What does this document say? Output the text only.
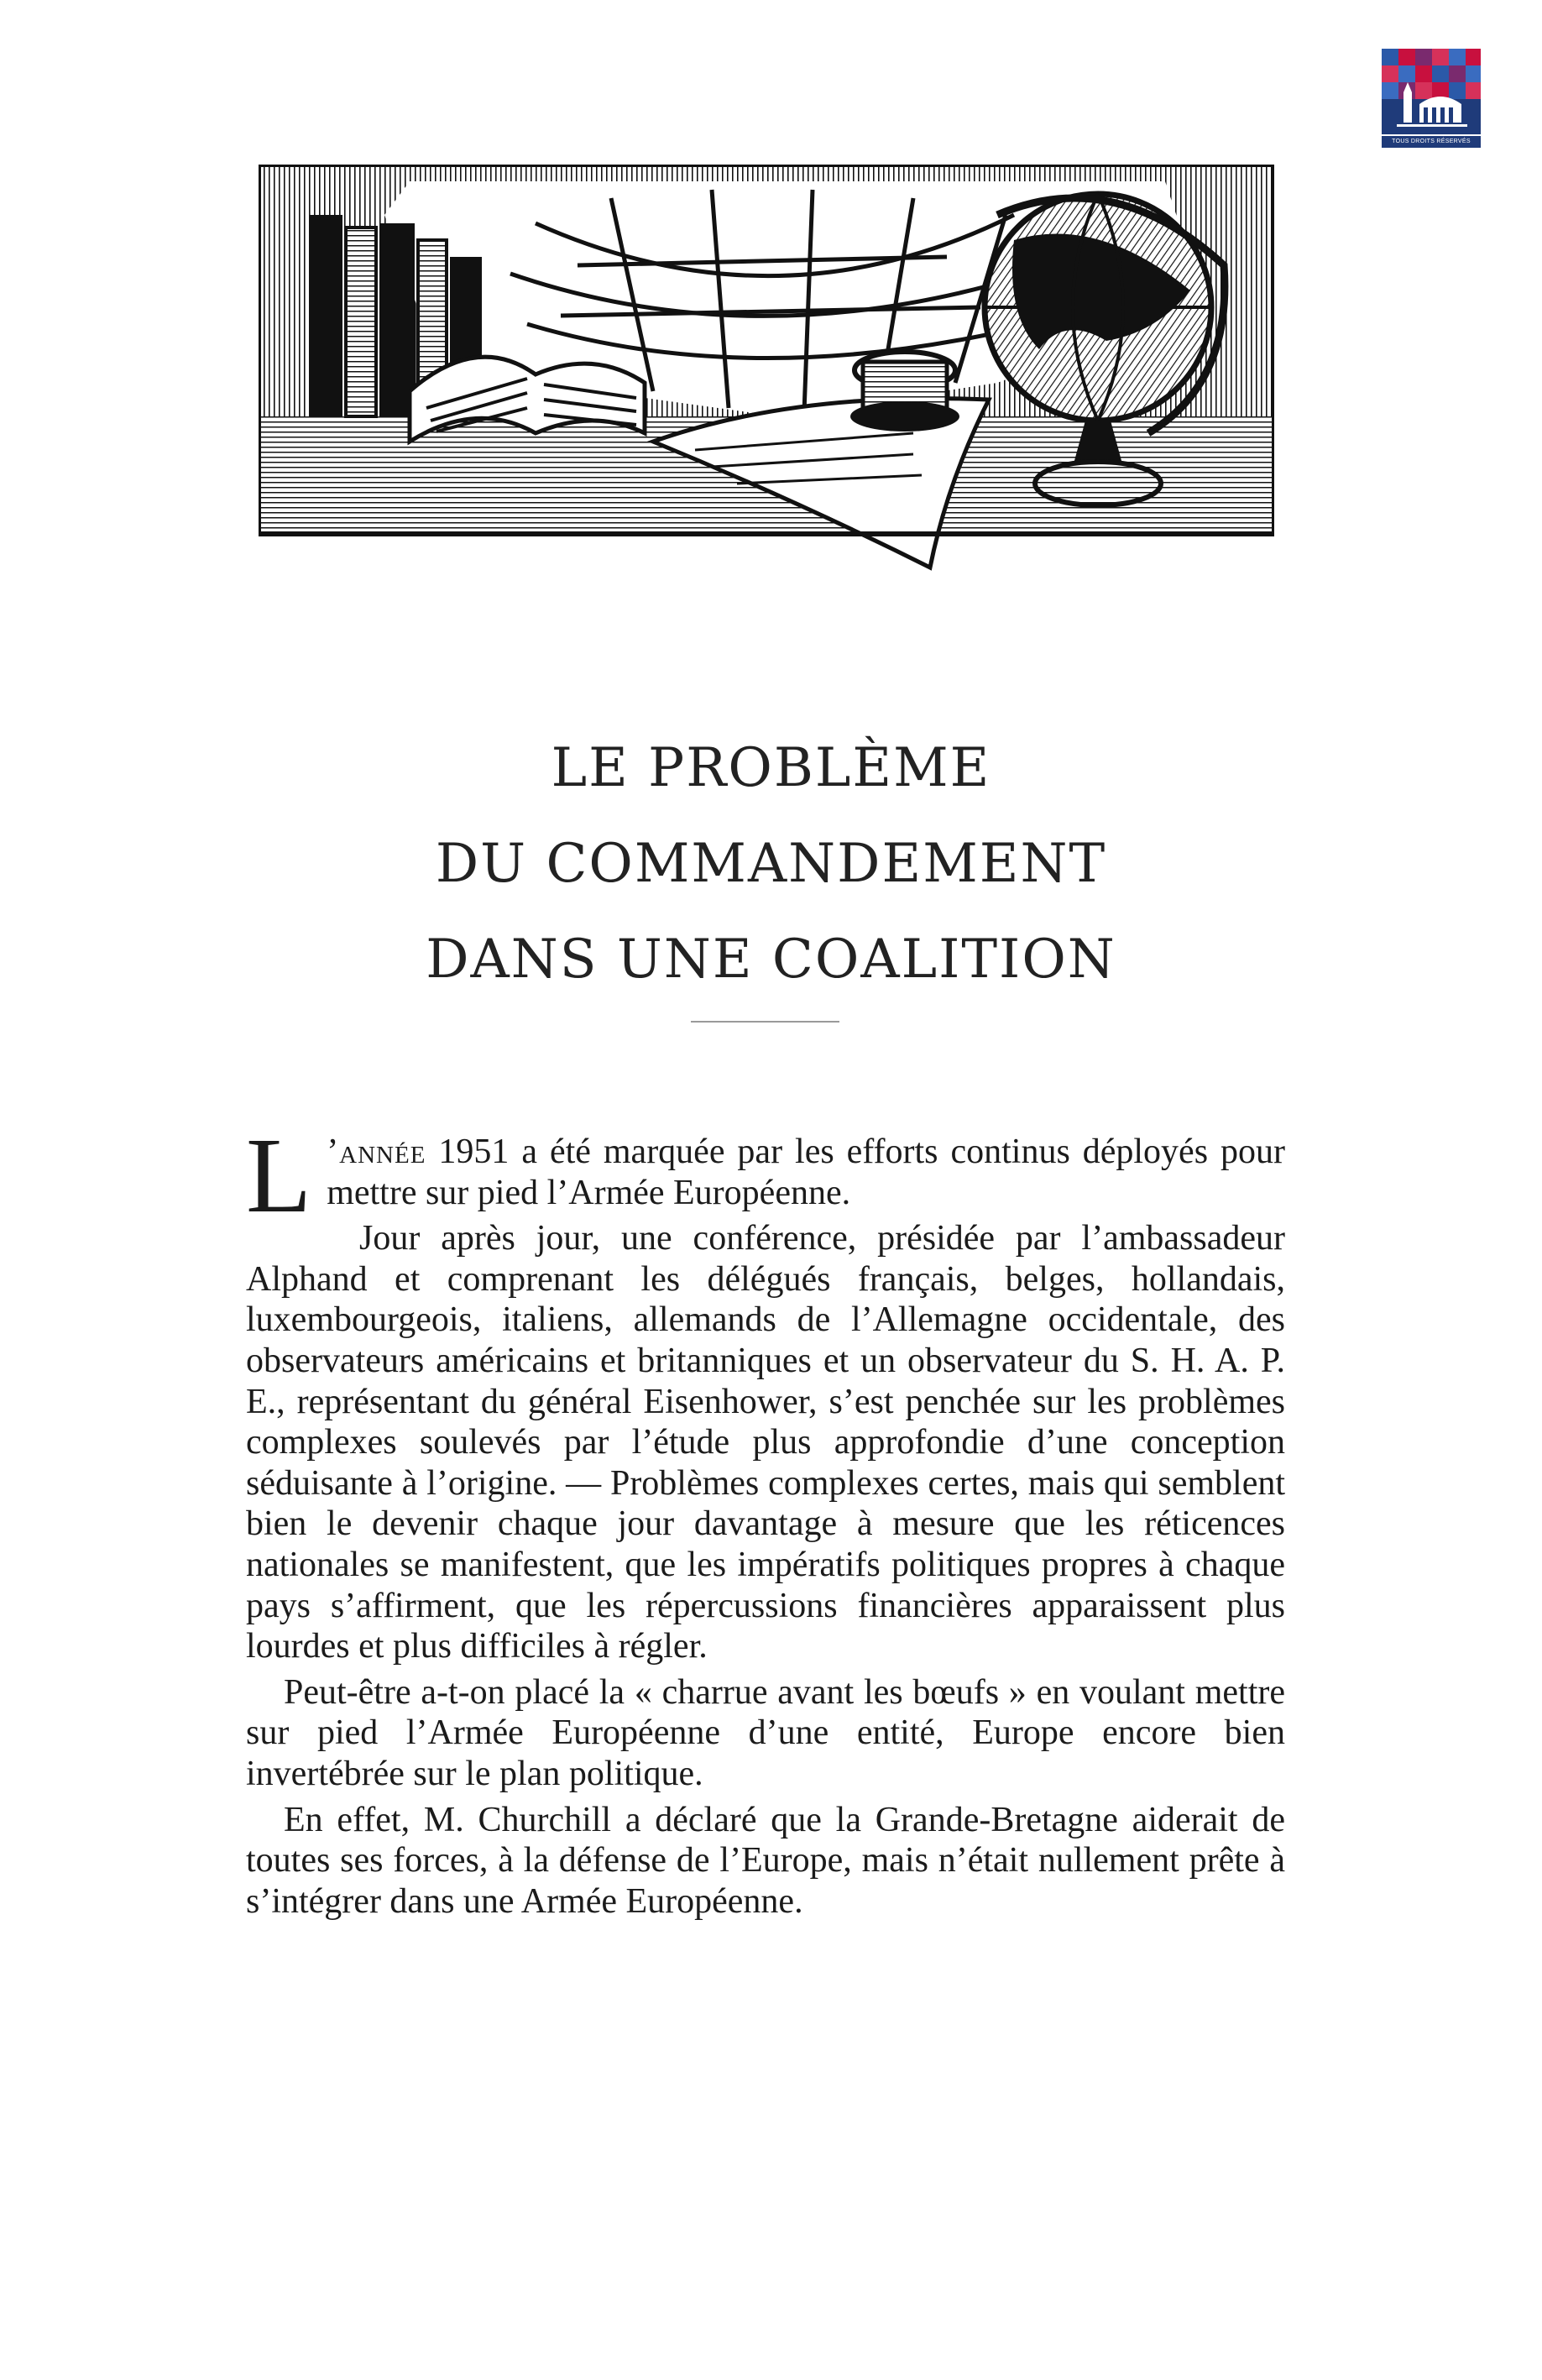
TOUS DROITS RÉSERVÉS
LE PROBLÈME
DU COMMANDEMENT
DANS UNE COALITION

L ’année 1951 a été marquée par les efforts continus déployés pour mettre sur pied l’Armée Européenne.

Jour après jour, une conférence, présidée par l’ambassadeur Alphand et comprenant les délégués français, belges, hollandais, luxembourgeois, italiens, allemands de l’Allemagne occidentale, des observateurs américains et britanniques et un observateur du S. H. A. P. E., représentant du général Eisenhower, s’est penchée sur les problèmes complexes soulevés par l’étude plus approfondie d’une conception séduisante à l’origine. — Problèmes complexes certes, mais qui semblent bien le devenir chaque jour davantage à mesure que les réticences nationales se manifestent, que les impératifs politiques propres à chaque pays s’affirment, que les répercussions financières apparaissent plus lourdes et plus difficiles à régler.

Peut-être a-t-on placé la « charrue avant les bœufs » en voulant mettre sur pied l’Armée Européenne d’une entité, Europe encore bien invertébrée sur le plan politique.

En effet, M. Churchill a déclaré que la Grande-Bretagne aiderait de toutes ses forces, à la défense de l’Europe, mais n’était nullement prête à s’intégrer dans une Armée Européenne.
